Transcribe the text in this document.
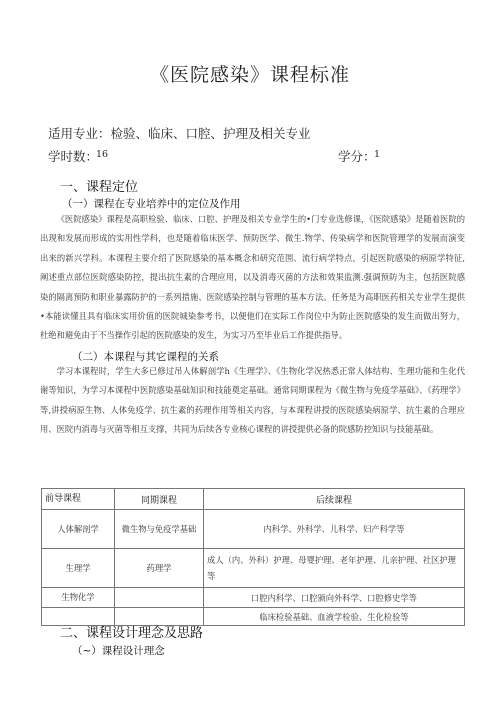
《医院感染》课程标准
适用专业：检验、临床、口腔、护理及相关专业
学时数：
16	学分：
1
一、课程定位
（一）课程在专业培养中的定位及作用
《医院感染》课程是高职检验、临床、口腔、护理及相关专业学生的•门专业选修课，《医院感染》是随着医院的出现和发展而形成的实用性学科，也是随着临床医学、预防医学、微生.物学、传染病学和医院管理学的发展而演变出来的新兴学科。本课程主要介绍了医院感染的基本概念和研究范围、流行病学特点，引起医院感染的病原学特征,阐述重点部位医院感染防控，提出抗生素的合理应用，以及消毒灭菌的方法和效果监测.强调预防为主，包括医院感染的隔离预防和职业暴露防护的一系列措施、医院感染控制与管理的基本方法。任务是为高职医药相关专业学生提供•本能读懂且具有临床实用价值的医院城染参考书，以便他们在实际工作岗位中为防止医院感染的发生而做出努力，杜绝和避免由于不当操作引起的医院感染的发生，为实习乃至毕业后工作提供指导。
（二）本课程与其它课程的关系
学习本课程时，学生大多已修过吊人体解剖学h《生理学》、《生物化学况热悉正常人体结构、生理功能和生化代谢等知识，为学习本课程中医院感染基础知识和技能奠定基础。通常同期课程为《微生物与免疫学基础》、《药理学》等,讲授病原生物、人体免疫学、抗生素的药理作用等相关内容，与本课程讲授的医院感染病原学、抗生素的合理应用、医院内消毒与灭菌等相互支撑，共同为后续各专业核心课程的讲授提供必备的院感防控知识与技能基础。
前导课程	同期课程	后续课程
人体解剖学	微生物与免疫学基础	内科学、外科学、儿科学、妇产科学等
生理学	药理学	成人（内、外科）护理、母婴护理、老年护理、儿亲护理、社区护理等
生物化学		口腔内科学、口腔颁向外科学、口腔修史学等
		临床检验基础、血液学检验、生化检验等
二、课程设计理念及思路
（~）课程设计理念
